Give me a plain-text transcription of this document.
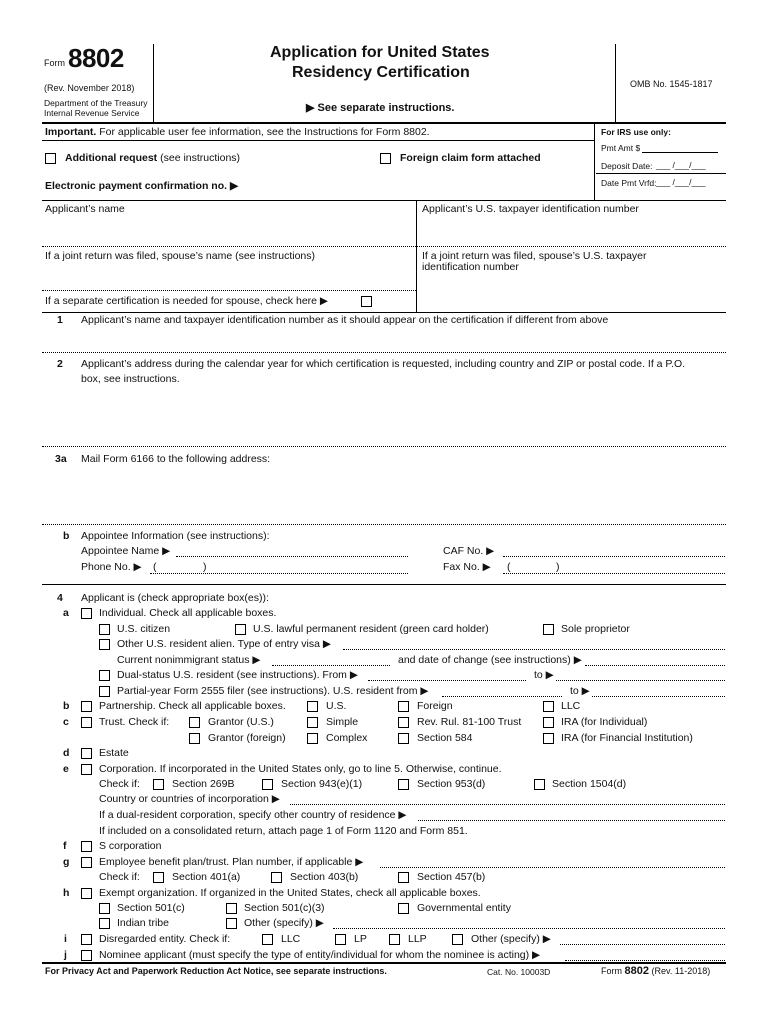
Form 8802
(Rev. November 2018)
Department of the Treasury
Internal Revenue Service
Application for United States
Residency Certification
▶ See separate instructions.
OMB No. 1545-1817
Important. For applicable user fee information, see the Instructions for Form 8802.	For IRS use only:
Additional request (see instructions)	Foreign claim form attached
Pmt Amt $
Deposit Date: ___ /___/___
Date Pmt Vrfd: ___ /___/___
Electronic payment confirmation no. ▶
Applicant’s name	Applicant’s U.S. taxpayer identification number
If a joint return was filed, spouse’s name (see instructions)	If a joint return was filed, spouse’s U.S. taxpayer
identification number
If a separate certification is needed for spouse, check here ▶
1 Applicant’s name and taxpayer identification number as it should appear on the certification if different from above
2 Applicant’s address during the calendar year for which certification is requested, including country and ZIP or postal code. If a P.O.
box, see instructions.
3a Mail Form 6166 to the following address:
b Appointee Information (see instructions):
Appointee Name ▶
Phone No. ▶ (	)
CAF No. ▶
Fax No. ▶ (	)
4 Applicant is (check appropriate box(es)):
a	Individual. Check all applicable boxes.
U.S. citizen	U.S. lawful permanent resident (green card holder)	Sole proprietor
Other U.S. resident alien. Type of entry visa ▶
Current nonimmigrant status ▶	and date of change (see instructions) ▶
Dual-status U.S. resident (see instructions). From ▶	to ▶
Partial-year Form 2555 filer (see instructions). U.S. resident from ▶	to ▶
b	Partnership. Check all applicable boxes.	U.S.	Foreign	LLC
c	Trust. Check if:	Grantor (U.S.)	Simple	Rev. Rul. 81-100 Trust	IRA (for Individual)
Grantor (foreign)	Complex	Section 584	IRA (for Financial Institution)
d	Estate
e	Corporation. If incorporated in the United States only, go to line 5. Otherwise, continue.
Check if:	Section 269B	Section 943(e)(1)	Section 953(d)	Section 1504(d)
Country or countries of incorporation ▶
If a dual-resident corporation, specify other country of residence ▶
If included on a consolidated return, attach page 1 of Form 1120 and Form 851.
f	S corporation
g	Employee benefit plan/trust. Plan number, if applicable ▶
Check if:	Section 401(a)	Section 403(b)	Section 457(b)
h	Exempt organization. If organized in the United States, check all applicable boxes.
Section 501(c)	Section 501(c)(3)	Governmental entity
Indian tribe	Other (specify) ▶
i	Disregarded entity. Check if:	LLC	LP	LLP	Other (specify) ▶
j	Nominee applicant (must specify the type of entity/individual for whom the nominee is acting) ▶
For Privacy Act and Paperwork Reduction Act Notice, see separate instructions.	Cat. No. 10003D	Form 8802 (Rev. 11-2018)
